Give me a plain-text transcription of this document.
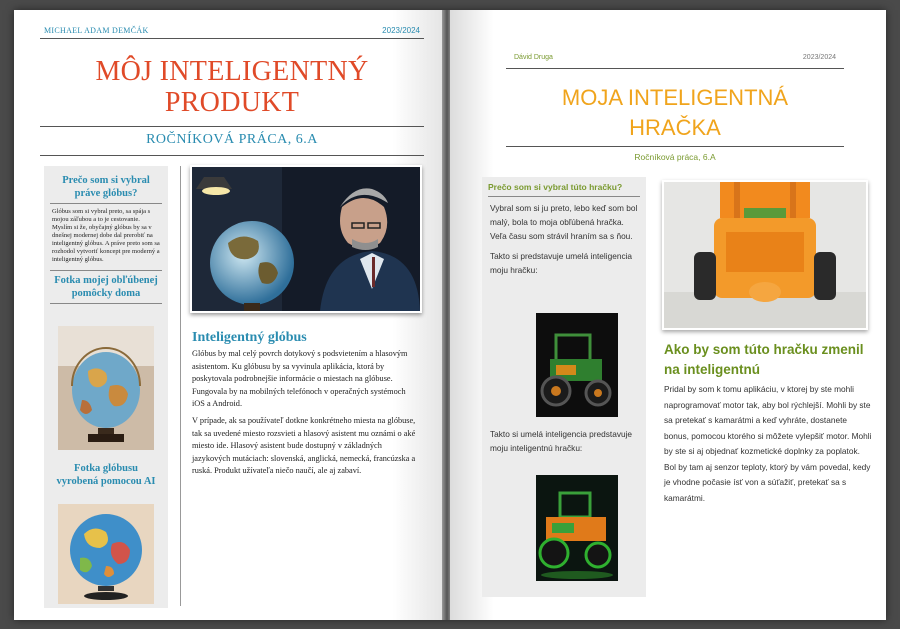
MICHAEL ADAM DEMČÁK	2023/2024
MÔJ INTELIGENTNÝ
PRODUKT
ROČNÍKOVÁ PRÁCA, 6.A
Prečo som si vybral
práve glóbus?
Glóbus som si vybral preto, sa spája s mojou záľubou a to je cestovanie. Myslím si že, obyčajný glóbus by sa v dnešnej modernej dobe dal prerobiť na inteligentný glóbus. A práve preto som sa rozhodol vytvoriť koncept pre moderný a inteligentný glóbus.
Fotka mojej obľúbenej
pomôcky doma
Fotka glóbusu
vyrobená pomocou AI
Inteligentný glóbus

Glóbus by mal celý povrch dotykový s podsvietením a hlasovým asistentom. Ku glóbusu by sa vyvinula aplikácia, ktorá by poskytovala podrobnejšie informácie o miestach na glóbuse. Fungovala by na mobilných telefónoch v operačných systémoch iOS a Android.

V prípade, ak sa používateľ dotkne konkrétneho miesta na glóbuse, tak sa uvedené miesto rozsvieti a hlasový asistent mu oznámi o aké miesto ide. Hlasový asistent bude dostupný v základných jazykových mutáciach: slovenská, anglická, nemecká, francúzska a ruská. Produkt užívateľa niečo naučí, ale aj zabaví.

Dávid Druga	2023/2024
MOJA INTELIGENTNÁ
HRAČKA
Ročníková práca, 6.A
Prečo som si vybral túto hračku?
Vybral som si ju preto, lebo keď som bol malý, bola to moja obľúbená hračka. Veľa času som strávil hraním sa s ňou.
Takto si predstavuje umelá inteligencia moju hračku:
Takto si umelá inteligencia predstavuje moju inteligentnú hračku:
Ako by som túto hračku zmenil na inteligentnú
Pridal by som k tomu aplikáciu, v ktorej by ste mohli naprogramovať motor tak, aby bol rýchlejší. Mohli by ste sa pretekať s kamarátmi a keď vyhráte, dostanete bonus, pomocou ktorého si môžete vylepšiť motor. Mohli by ste si aj objednať kozmetické doplnky za poplatok. Bol by tam aj senzor teploty, ktorý by vám povedal, kedy je vhodne počasie ísť von a súťažiť, pretekať sa s kamarátmi.
